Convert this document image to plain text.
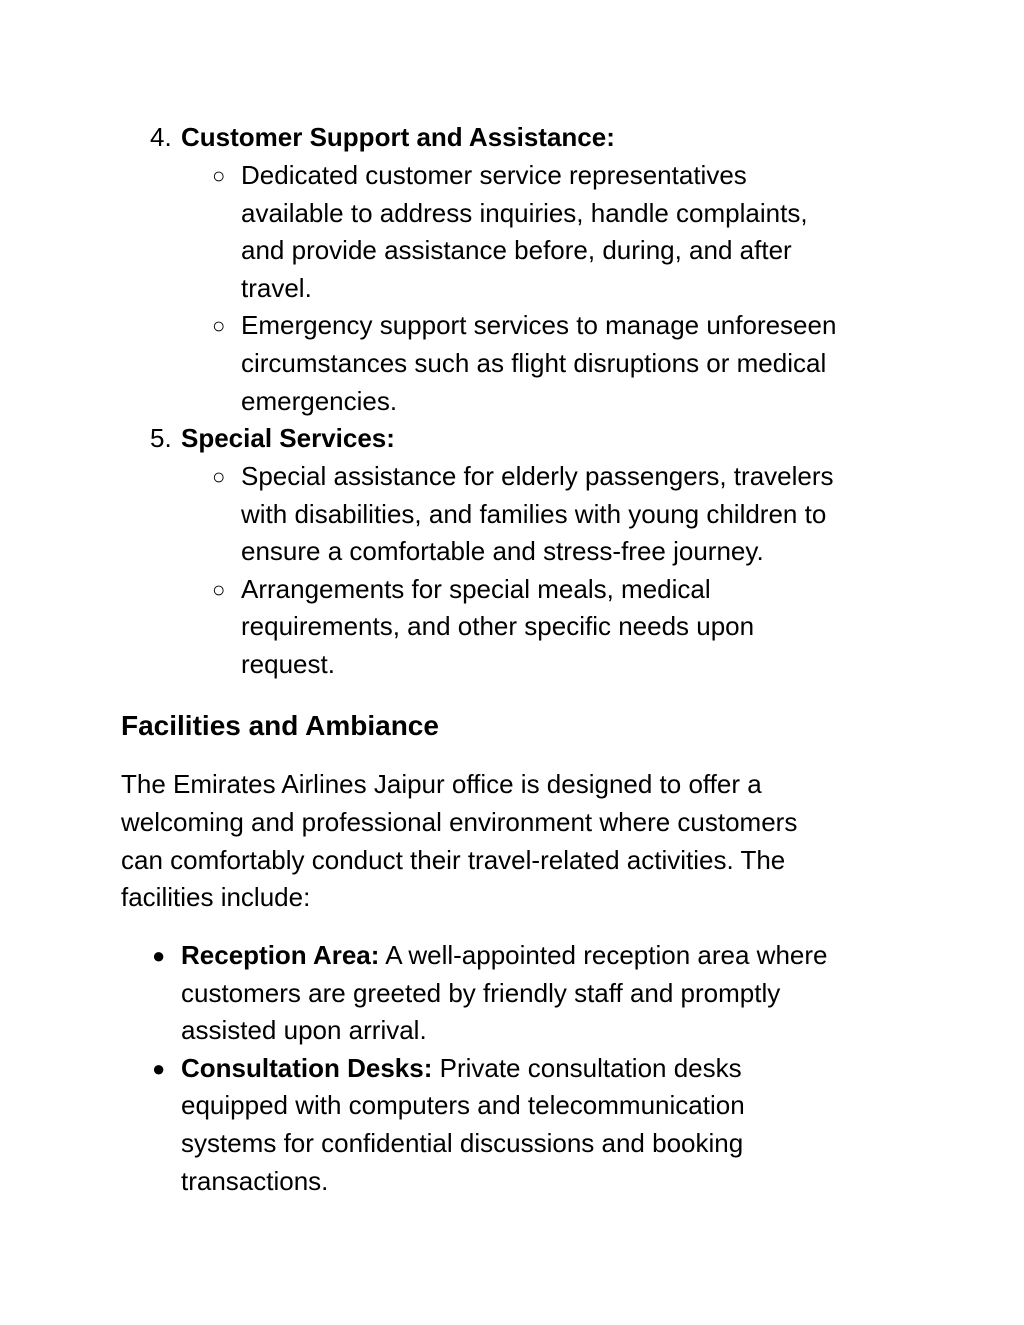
4. Customer Support and Assistance:
○ Dedicated customer service representatives
available to address inquiries, handle complaints,
and provide assistance before, during, and after
travel.
○ Emergency support services to manage unforeseen
circumstances such as flight disruptions or medical
emergencies.
5. Special Services:
○ Special assistance for elderly passengers, travelers
with disabilities, and families with young children to
ensure a comfortable and stress-free journey.
○ Arrangements for special meals, medical
requirements, and other specific needs upon
request.
Facilities and Ambiance
The Emirates Airlines Jaipur office is designed to offer a
welcoming and professional environment where customers
can comfortably conduct their travel-related activities. The
facilities include:
● Reception Area: A well-appointed reception area where
customers are greeted by friendly staff and promptly
assisted upon arrival.
● Consultation Desks: Private consultation desks
equipped with computers and telecommunication
systems for confidential discussions and booking
transactions.
